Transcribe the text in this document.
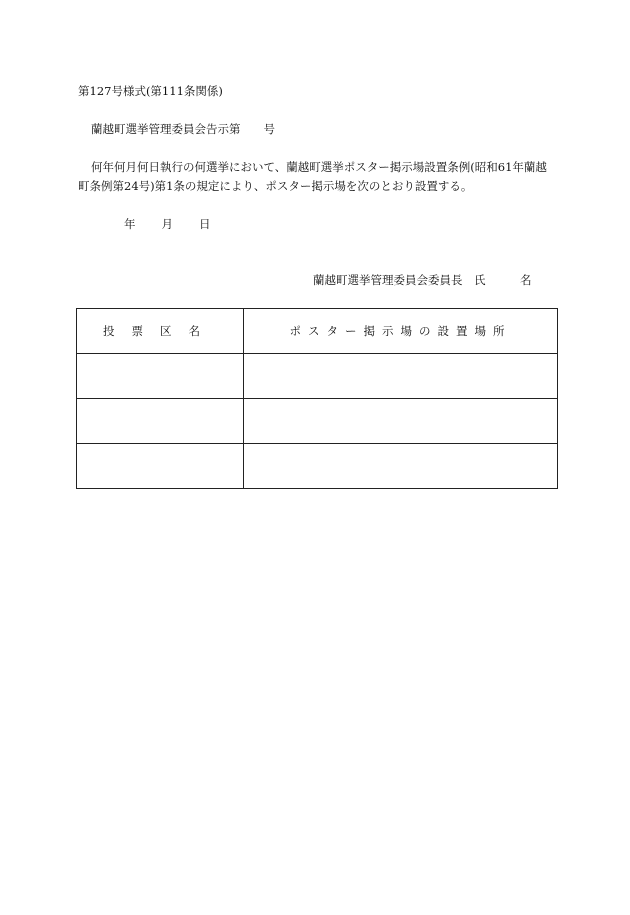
第127号様式(第111条関係)
蘭越町選挙管理委員会告示第　　号
何年何月何日執行の何選挙において、蘭越町選挙ポスター掲示場設置条例(昭和61年蘭越
町条例第24号)第1条の規定により、ポスター掲示場を次のとおり設置する。
年 月 日
蘭越町選挙管理委員会委員長　氏　　　名
投票区名	ポスター掲示場の設置場所
